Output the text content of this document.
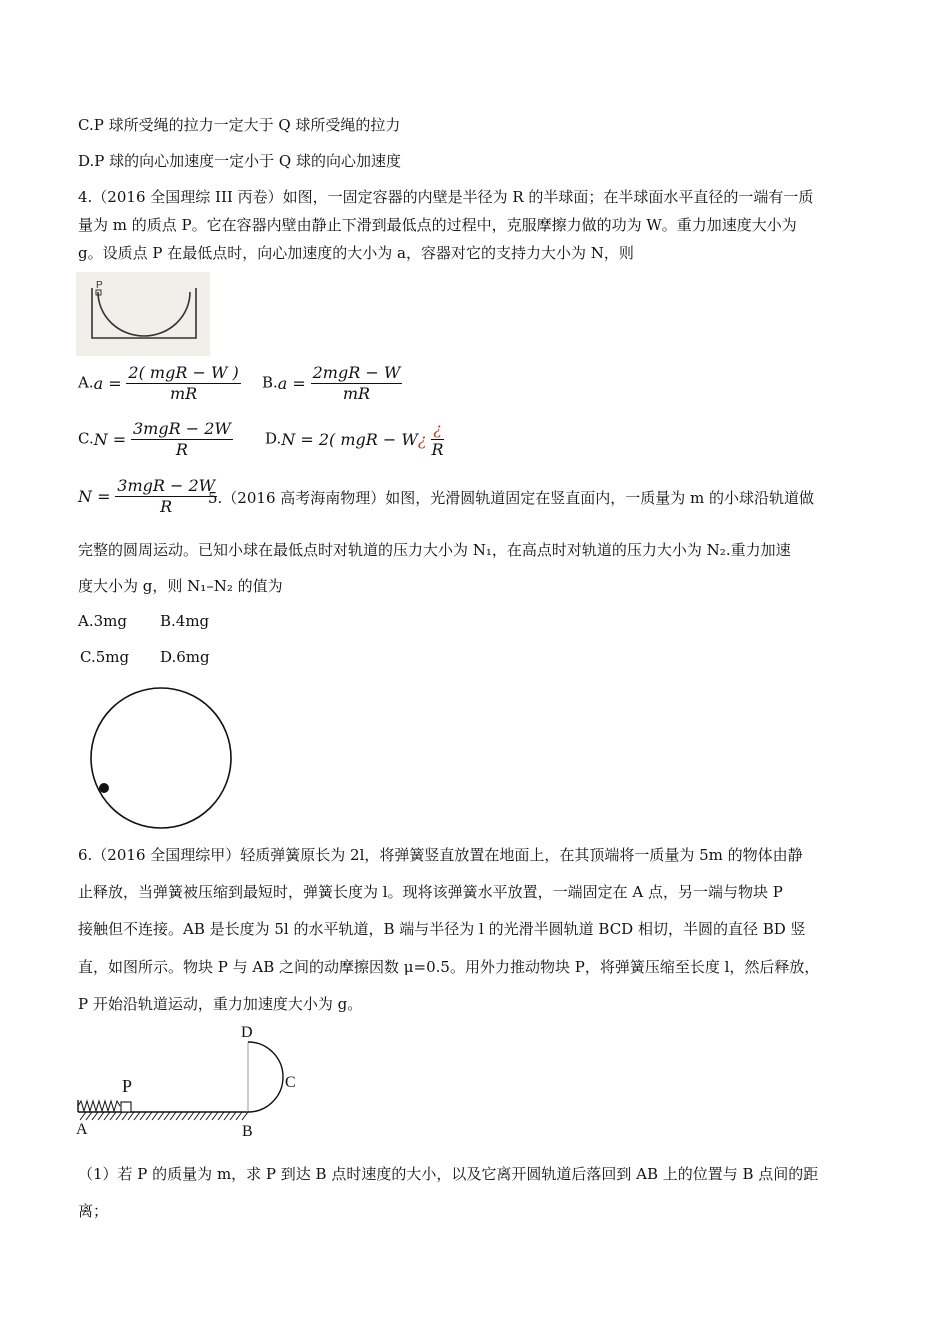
C.P 球所受绳的拉力一定大于 Q 球所受绳的拉力
D.P 球的向心加速度一定小于 Q 球的向心加速度
4.（2016 全国理综 III 丙卷）如图，一固定容器的内壁是半径为 R 的半球面；在半球面水平直径的一端有一质
量为 m 的质点 P。它在容器内壁由静止下滑到最低点的过程中，克服摩擦力做的功为 W。重力加速度大小为
g。设质点 P 在最低点时，向心加速度的大小为 a，容器对它的支持力大小为 N，则
P
$A.a = \frac{\text{2( mgR − W )}}{mR} B.a = \frac{\text{2mgR − W}}{mR}$
$C.N = \frac{\text{3mgR − 2W}}{R} D.N = 2$( mgR − W¿ $\frac{¿}{R}$
$N = \frac{\text{3mgR − 2W}}{R}$
5.（2016 高考海南物理）如图，光滑圆轨道固定在竖直面内，一质量为 m 的小球沿轨道做
完整的圆周运动。已知小球在最低点时对轨道的压力大小为 N₁，在高点时对轨道的压力大小为 N₂.重力加速
度大小为 g，则 N₁–N₂ 的值为
A.3mg B.4mg
C.5mg D.6mg
6.（2016 全国理综甲）轻质弹簧原长为 2l，将弹簧竖直放置在地面上，在其顶端将一质量为 5m 的物体由静
止释放，当弹簧被压缩到最短时，弹簧长度为 l。现将该弹簧水平放置，一端固定在 A 点，另一端与物块 P
接触但不连接。AB 是长度为 5l 的水平轨道，B 端与半径为 l 的光滑半圆轨道 BCD 相切，半圆的直径 BD 竖
直，如图所示。物块 P 与 AB 之间的动摩擦因数 μ=0.5。用外力推动物块 P，将弹簧压缩至长度 l，然后释放，
P 开始沿轨道运动，重力加速度大小为 g。
D
C
P
A	B
（1）若 P 的质量为 m，求 P 到达 B 点时速度的大小，以及它离开圆轨道后落回到 AB 上的位置与 B 点间的距
离；
